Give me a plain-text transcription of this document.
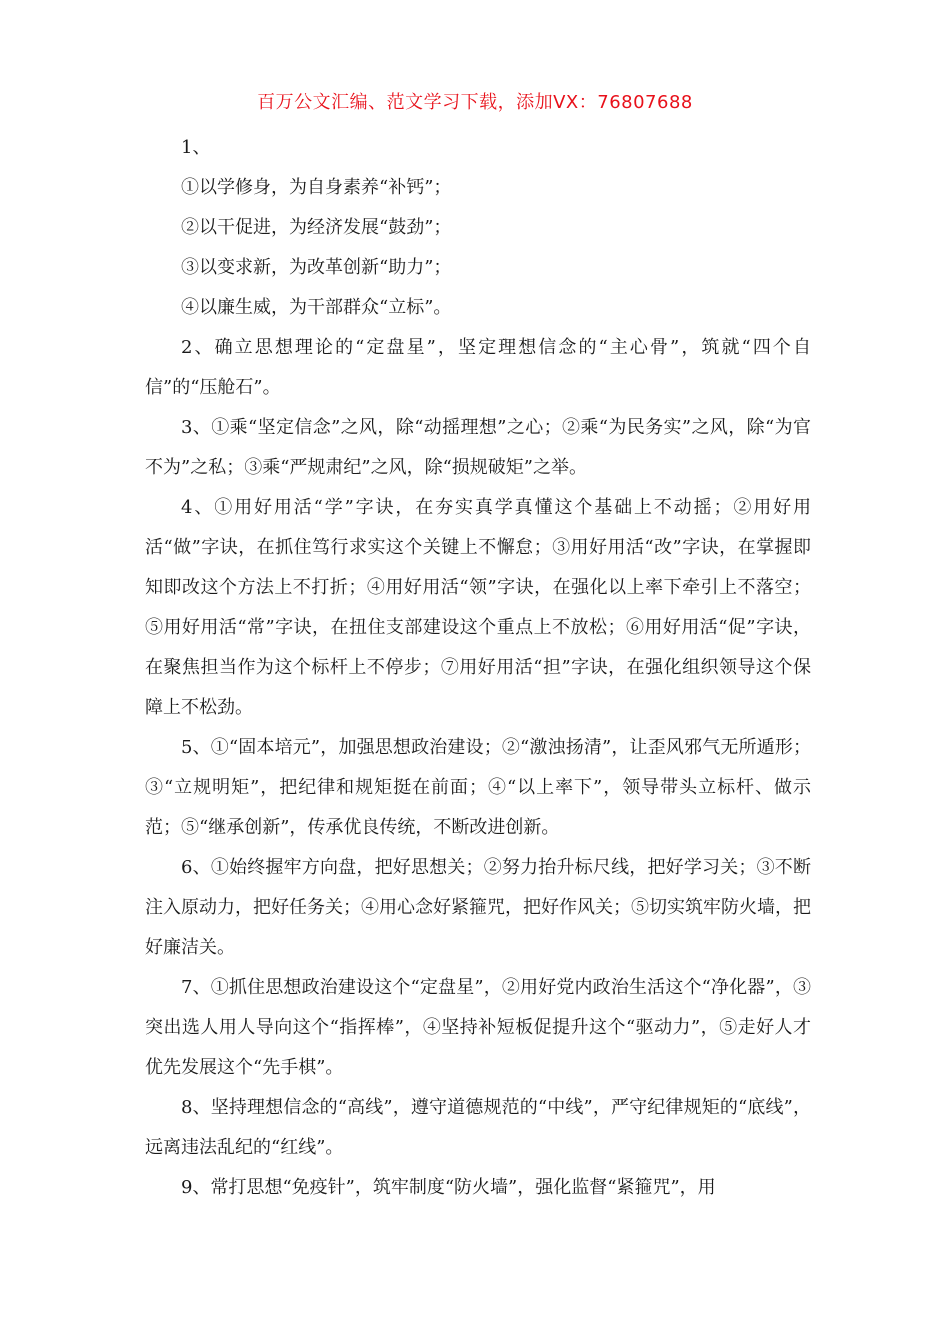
百万公文汇编、范文学习下载，添加VX：76807688

1、

①以学修身，为自身素养“补钙”；

②以干促进，为经济发展“鼓劲”；

③以变求新，为改革创新“助力”；

④以廉生威，为干部群众“立标”。

2、确立思想理论的“定盘星”，坚定理想信念的“主心骨”，筑就“四个自信”的“压舱石”。

3、①乘“坚定信念”之风，除“动摇理想”之心；②乘“为民务实”之风，除“为官不为”之私；③乘“严规肃纪”之风，除“损规破矩”之举。

4、①用好用活“学”字诀，在夯实真学真懂这个基础上不动摇；②用好用活“做”字诀，在抓住笃行求实这个关键上不懈怠；③用好用活“改”字诀，在掌握即知即改这个方法上不打折；④用好用活“领”字诀，在强化以上率下牵引上不落空；⑤用好用活“常”字诀，在扭住支部建设这个重点上不放松；⑥用好用活“促”字诀，在聚焦担当作为这个标杆上不停步；⑦用好用活“担”字诀，在强化组织领导这个保障上不松劲。

5、①“固本培元”，加强思想政治建设；②“激浊扬清”，让歪风邪气无所遁形；③“立规明矩”，把纪律和规矩挺在前面；④“以上率下”，领导带头立标杆、做示范；⑤“继承创新”，传承优良传统，不断改进创新。

6、①始终握牢方向盘，把好思想关；②努力抬升标尺线，把好学习关；③不断注入原动力，把好任务关；④用心念好紧箍咒，把好作风关；⑤切实筑牢防火墙，把好廉洁关。

7、①抓住思想政治建设这个“定盘星”，②用好党内政治生活这个“净化器”，③突出选人用人导向这个“指挥棒”，④坚持补短板促提升这个“驱动力”，⑤走好人才优先发展这个“先手棋”。

8、坚持理想信念的“高线”，遵守道德规范的“中线”，严守纪律规矩的“底线”，远离违法乱纪的“红线”。

9、常打思想“免疫针”，筑牢制度“防火墙”，强化监督“紧箍咒”，用
